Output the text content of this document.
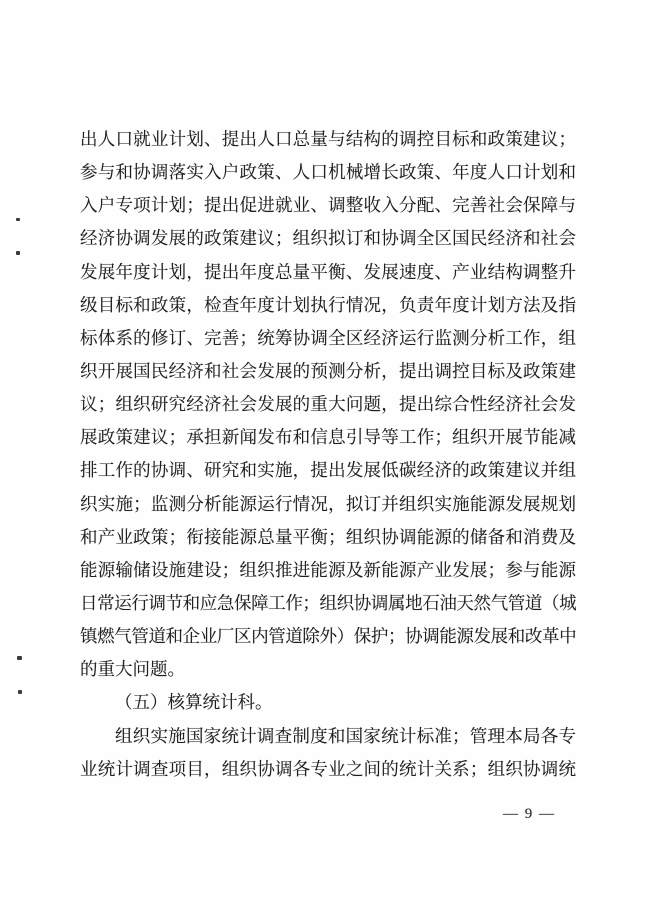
出人口就业计划、提出人口总量与结构的调控目标和政策建议；
参与和协调落实入户政策、人口机械增长政策、年度人口计划和
入户专项计划；提出促进就业、调整收入分配、完善社会保障与
经济协调发展的政策建议；组织拟订和协调全区国民经济和社会
发展年度计划，提出年度总量平衡、发展速度、产业结构调整升
级目标和政策，检查年度计划执行情况，负责年度计划方法及指
标体系的修订、完善；统筹协调全区经济运行监测分析工作，组
织开展国民经济和社会发展的预测分析，提出调控目标及政策建
议；组织研究经济社会发展的重大问题，提出综合性经济社会发
展政策建议；承担新闻发布和信息引导等工作；组织开展节能减
排工作的协调、研究和实施，提出发展低碳经济的政策建议并组
织实施；监测分析能源运行情况，拟订并组织实施能源发展规划
和产业政策；衔接能源总量平衡；组织协调能源的储备和消费及
能源输储设施建设；组织推进能源及新能源产业发展；参与能源
日常运行调节和应急保障工作；组织协调属地石油天然气管道（城
镇燃气管道和企业厂区内管道除外）保护；协调能源发展和改革中
的重大问题。
（五）核算统计科。
组织实施国家统计调查制度和国家统计标准；管理本局各专
业统计调查项目，组织协调各专业之间的统计关系；组织协调统
— 9 —
